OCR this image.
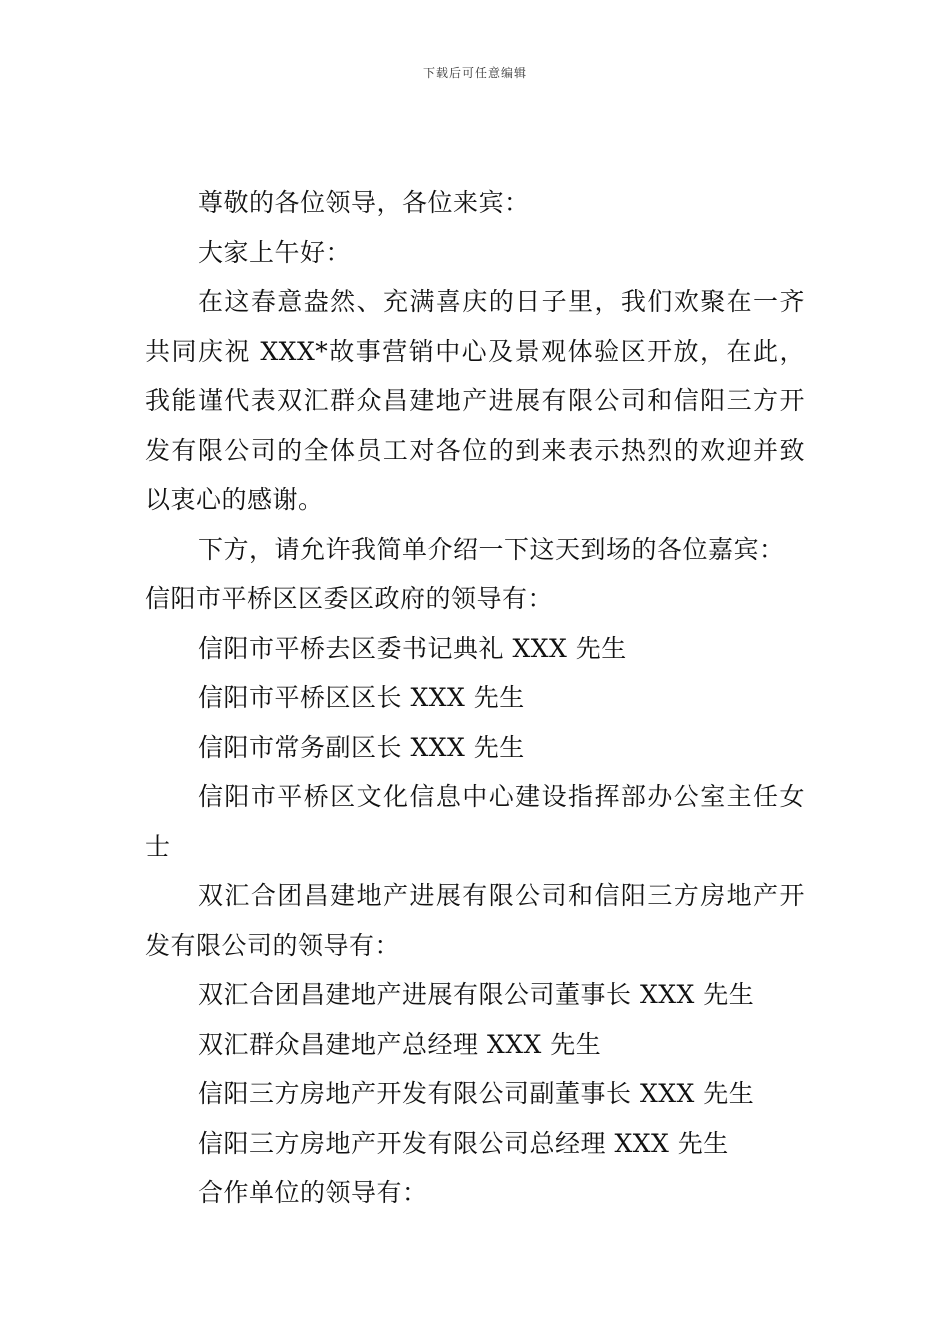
下载后可任意编辑

尊敬的各位领导，各位来宾：

大家上午好：

在这春意盎然、充满喜庆的日子里，我们欢聚在一齐共同庆祝 XXX*故事营销中心及景观体验区开放，在此，我能谨代表双汇群众昌建地产进展有限公司和信阳三方开发有限公司的全体员工对各位的到来表示热烈的欢迎并致以衷心的感谢。

下方，请允许我简单介绍一下这天到场的各位嘉宾：

信阳市平桥区区委区政府的领导有：

信阳市平桥去区委书记典礼 XXX 先生

信阳市平桥区区长 XXX 先生

信阳市常务副区长 XXX 先生

信阳市平桥区文化信息中心建设指挥部办公室主任女士

双汇合团昌建地产进展有限公司和信阳三方房地产开发有限公司的领导有：

双汇合团昌建地产进展有限公司董事长 XXX 先生

双汇群众昌建地产总经理 XXX 先生

信阳三方房地产开发有限公司副董事长 XXX 先生

信阳三方房地产开发有限公司总经理 XXX 先生

合作单位的领导有：
